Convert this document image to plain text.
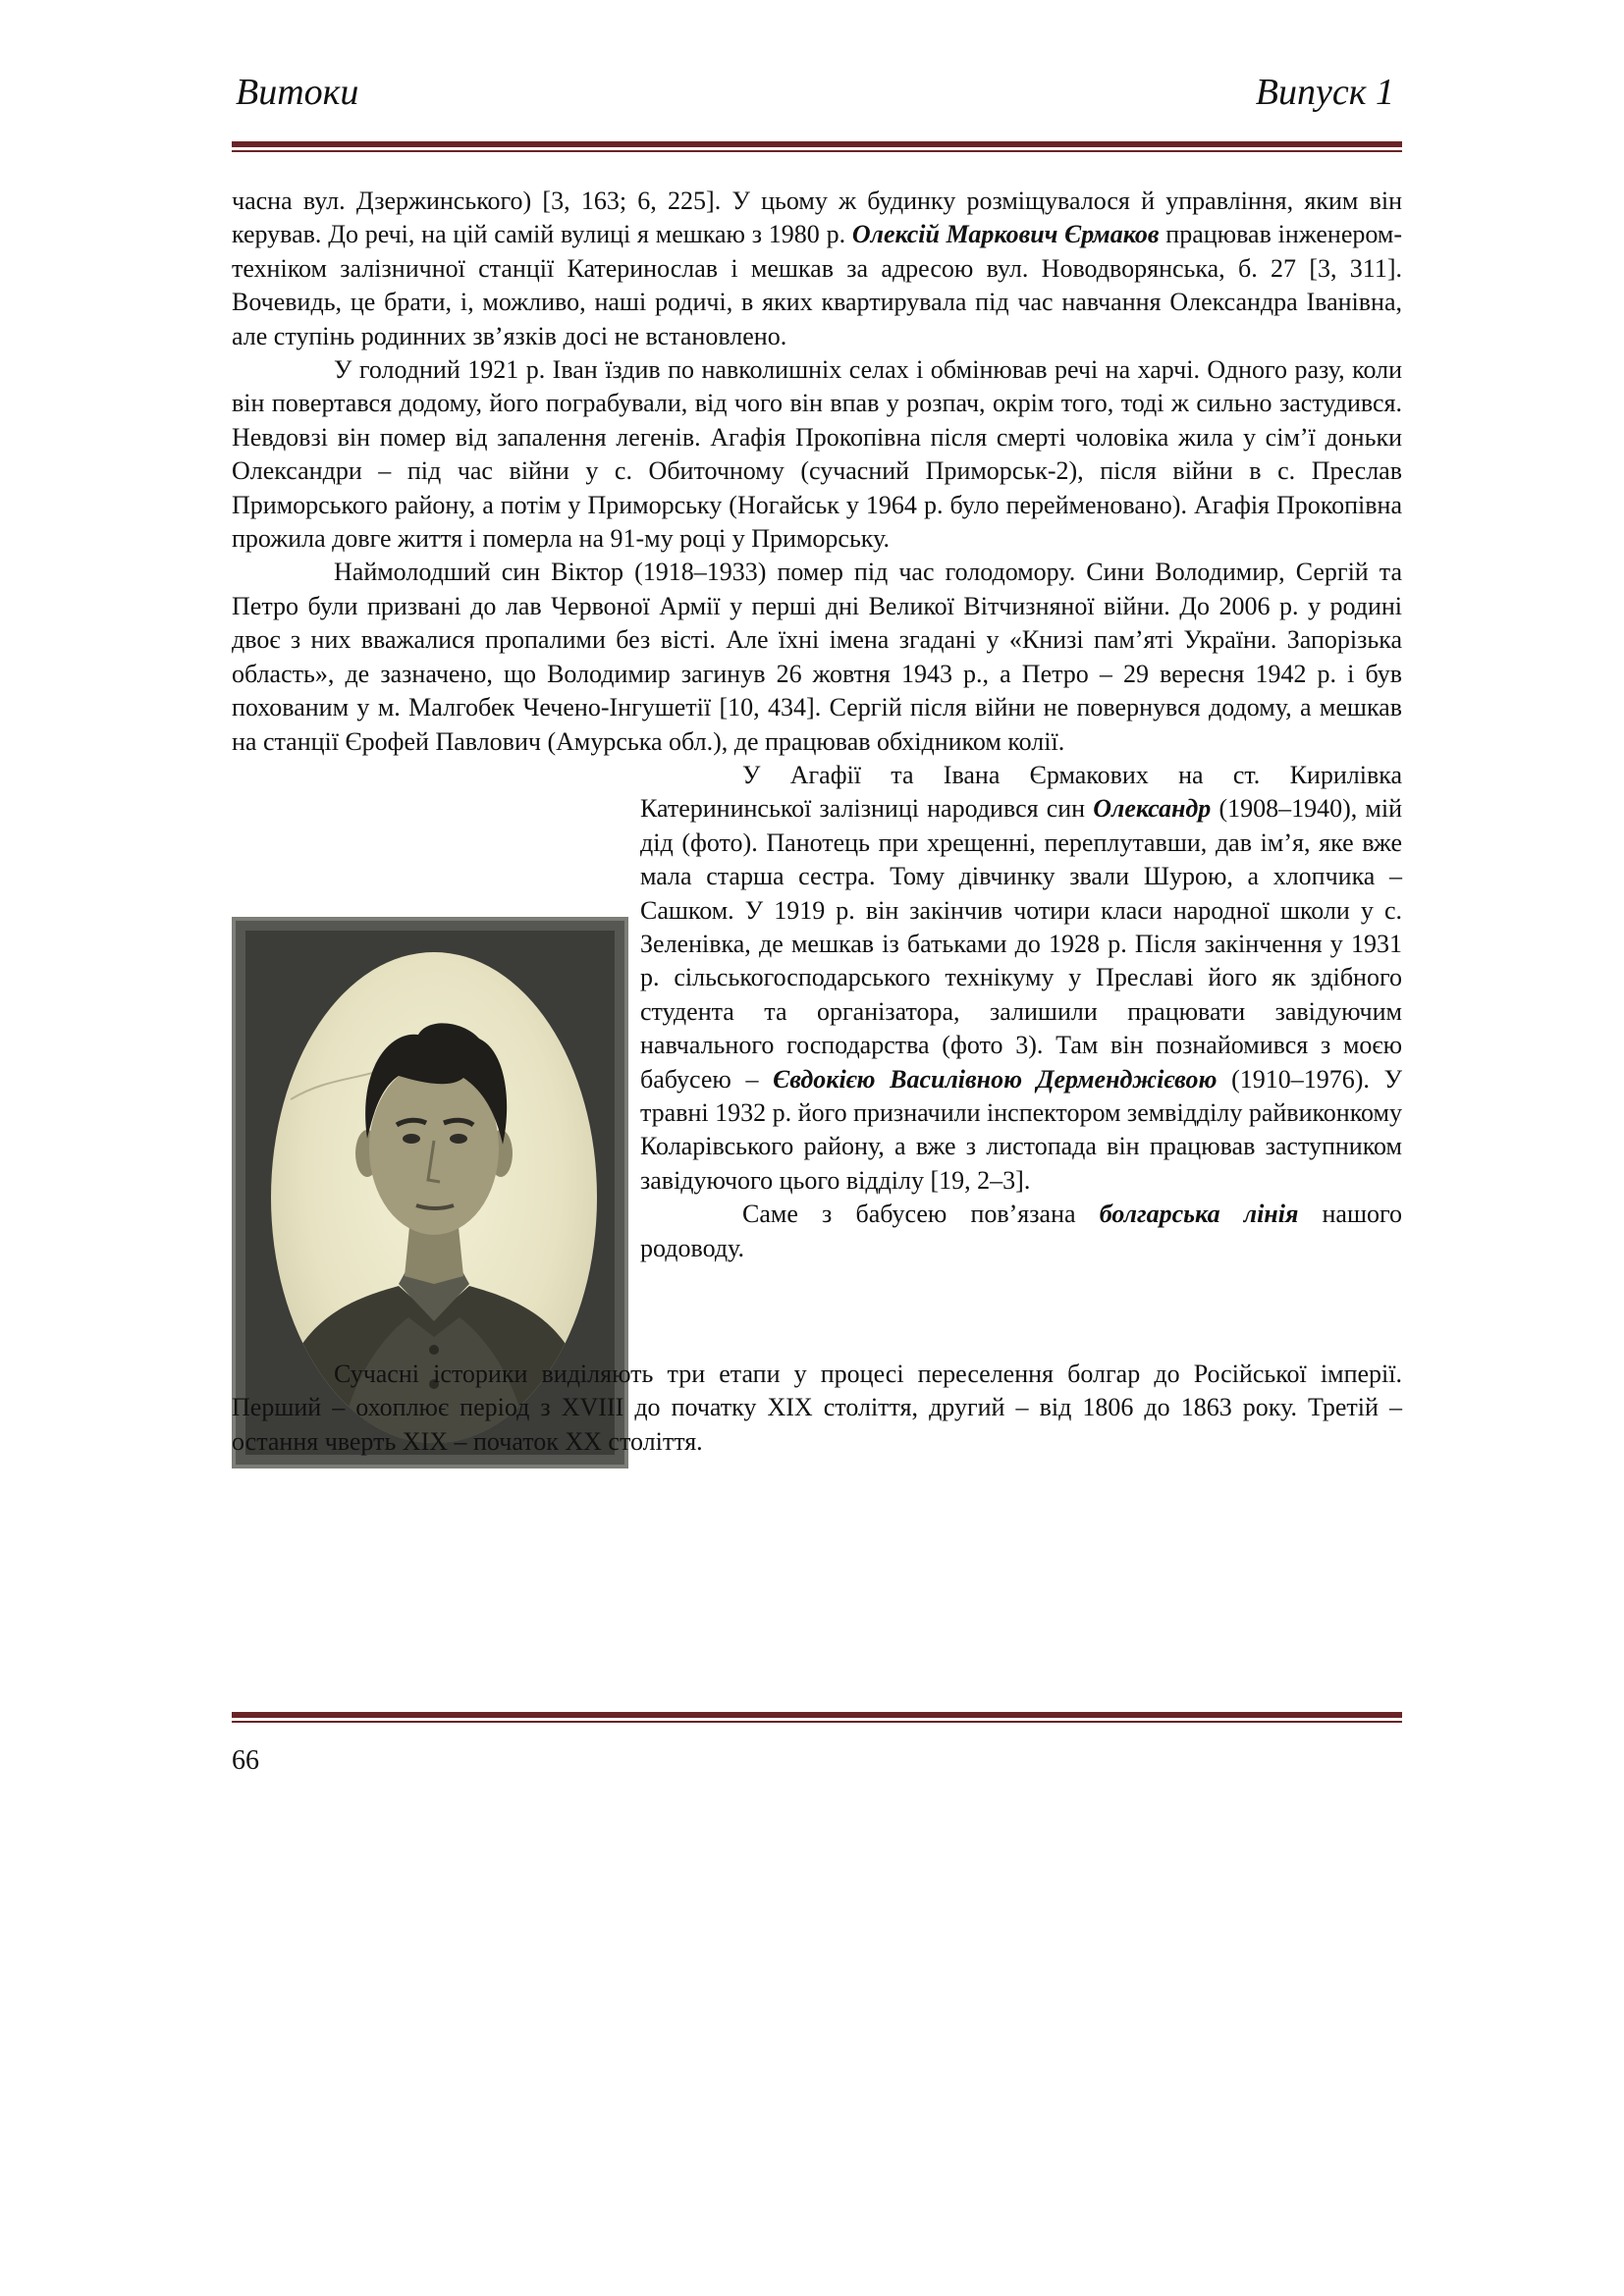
Витоки	Випуск 1

часна вул. Дзержинського) [3, 163; 6, 225]. У цьому ж будинку розміщувалося й управління, яким він керував. До речі, на цій самій вулиці я мешкаю з 1980 р. Олексій Маркович Єрмаков працював інженером-техніком залізничної станції Катеринослав і мешкав за адресою вул. Новодворянська, б. 27 [3, 311]. Вочевидь, це брати, і, можливо, наші родичі, в яких квартирувала під час навчання Олександра Іванівна, але ступінь родинних зв’язків досі не встановлено.

У голодний 1921 р. Іван їздив по навколишніх селах і обмінював речі на харчі. Одного разу, коли він повертався додому, його пограбували, від чого він впав у розпач, окрім того, тоді ж сильно застудився. Невдовзі він помер від запалення легенів. Агафія Прокопівна після смерті чоловіка жила у сім’ї доньки Олександри – під час війни у с. Обиточному (сучасний Приморськ-2), після війни в с. Преслав Приморського району, а потім у Приморську (Ногайськ у 1964 р. було перейменовано). Агафія Прокопівна прожила довге життя і померла на 91-му році у Приморську.

Наймолодший син Віктор (1918–1933) помер під час голодомору. Сини Володимир, Сергій та Петро були призвані до лав Червоної Армії у перші дні Великої Вітчизняної війни. До 2006 р. у родині двоє з них вважалися пропалими без вісті. Але їхні імена згадані у «Книзі пам’яті України. Запорізька область», де зазначено, що Володимир загинув 26 жовтня 1943 р., а Петро – 29 вересня 1942 р. і був похованим у м. Малгобек Чечено-Інгушетії [10, 434]. Сергій після війни не повернувся додому, а мешкав на станції Єрофей Павлович (Амурська обл.), де працював обхідником колії.

У Агафії та Івана Єрмакових на ст. Кирилівка Катерининської залізниці народився син Олександр (1908–1940), мій дід (фото). Панотець при хрещенні, переплутавши, дав ім’я, яке вже мала старша сестра. Тому дівчинку звали Шурою, а хлопчика – Сашком. У 1919 р. він закінчив чотири класи народної школи у с. Зеленівка, де мешкав із батьками до 1928 р. Після закінчення у 1931 р. сільськогосподарського технікуму у Преславі його як здібного студента та організатора, залишили працювати завідуючим навчального господарства (фото 3). Там він познайомився з моєю бабусею – Євдокією Василівною Дерменджієвою (1910–1976). У травні 1932 р. його призначили інспектором земвідділу райвиконкому Коларівського району, а вже з листопада він працював заступником завідуючого цього відділу [19, 2–3].

Саме з бабусею пов’язана болгарська лінія нашого родоводу.

Сучасні історики виділяють три етапи у процесі переселення болгар до Російської імперії. Перший – охоплює період з XVIII до початку XIX століття, другий – від 1806 до 1863 року. Третій – остання чверть XIX – початок XX століття.

66
